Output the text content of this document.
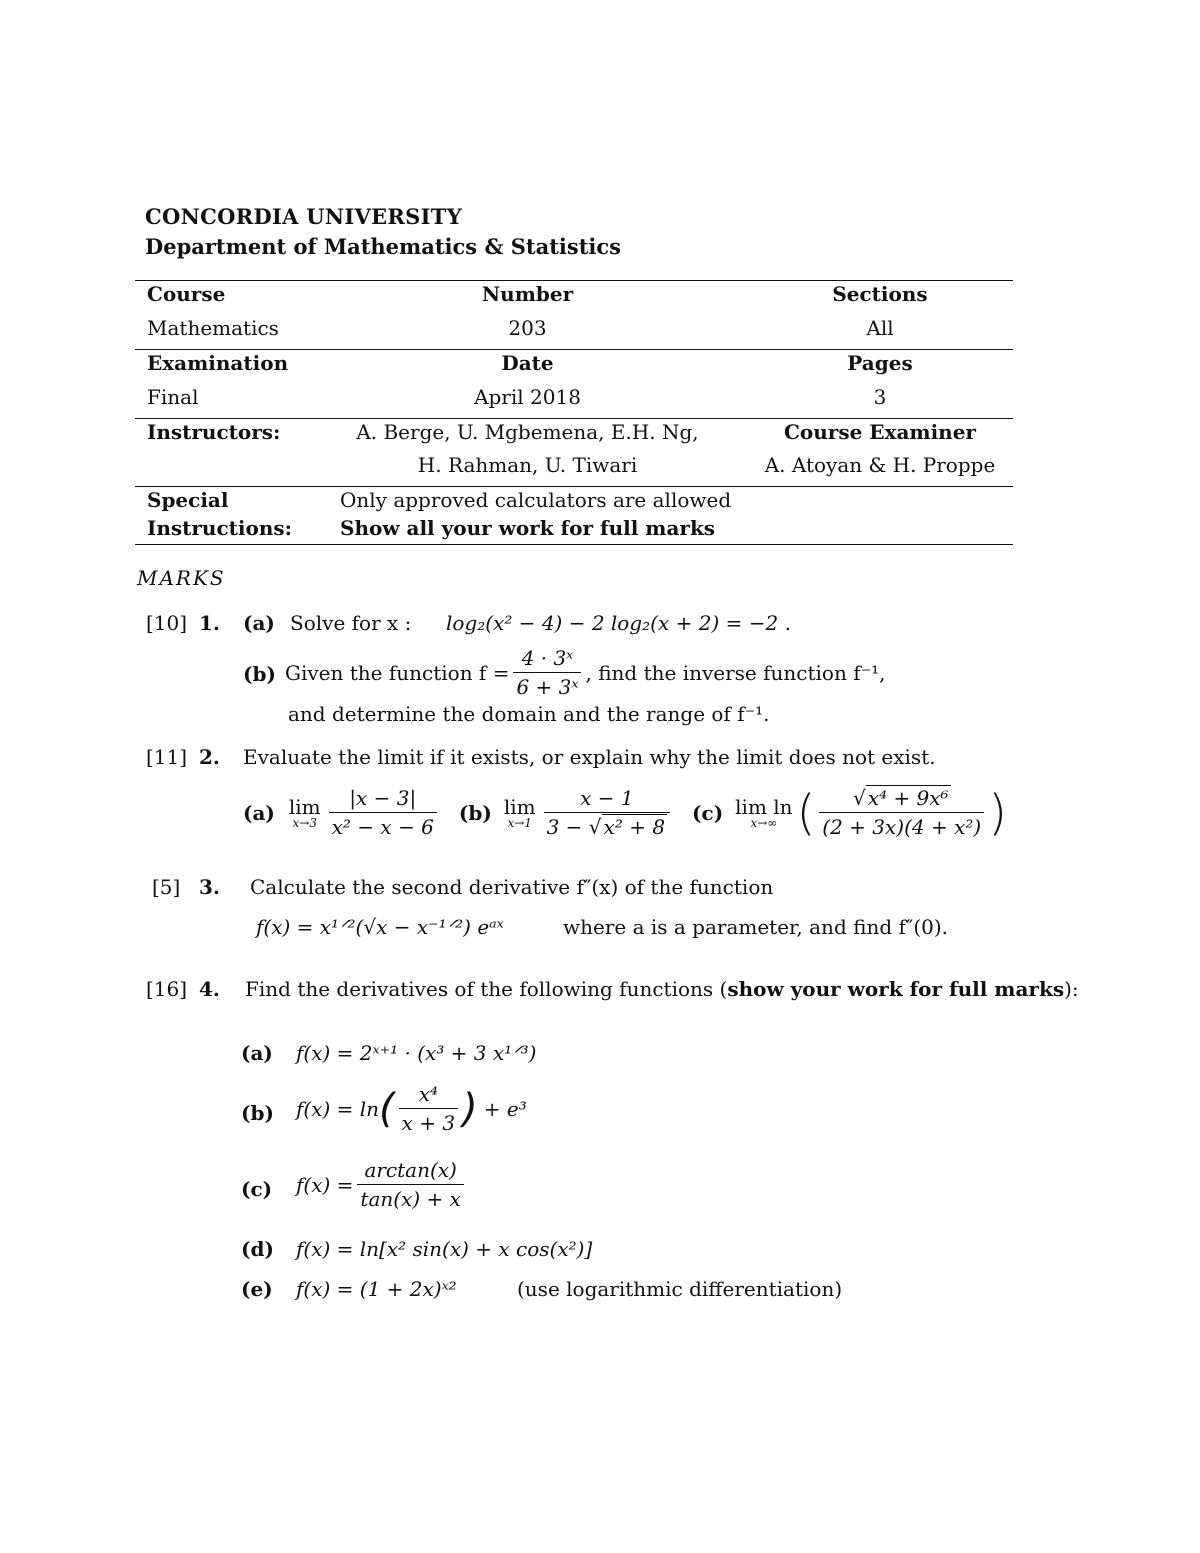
CONCORDIA UNIVERSITY
Department of Mathematics & Statistics
Course	Number	Sections
Mathematics	203	All
Examination	Date	Pages
Final	April 2018	3
Instructors:	A. Berge, U. Mgbemena, E.H. Ng,	Course Examiner
H. Rahman, U. Tiwari	A. Atoyan & H. Proppe
Special	Only approved calculators are allowed
Instructions: Show all your work for full marks
MARKS
[10] 1. (a) Solve for x : log₂(x² − 4) − 2 log₂(x + 2) = −2 .
(b) Given the function $f = \frac{\text{4 · 3ˣ}}{\text{6 + 3ˣ}}$ , find the inverse function f⁻¹,
and determine the domain and the range of f⁻¹.
[11] 2. Evaluate the limit if it exists, or explain why the limit does not exist.
(a) lim
$x\to 3 \frac{|x - 3|}{\text{x² − x − 6}} (b)$ lim
$x\to 1 \frac{x - 1}{\text{3 − √ x² + 8}} (c)$ lim ln
x→∞ ( $\frac{\text{√ x⁴ + 9x⁶}}{\text{(2 + 3x)(4 + x²)}}$ )
[5] 3. Calculate the second derivative f″(x) of the function
f(x) = x¹ᐟ²(√x − x⁻¹ᐟ²) eᵃˣ	where a is a parameter, and find f″(0).
[16] 4. Find the derivatives of the following functions (show your work for full marks):
(a) f(x) = 2ˣ⁺¹ · (x³ + 3 x¹ᐟ³)
(b) f(x) = ln ( $\frac{\text{x⁴}}{x + 3}$ ) + e³
(c) $f(x) = \frac{\arctan(x)}{\tan(x) + x}$
(d) f(x) = ln[x² sin(x) + x cos(x²)]
(e) f(x) = (1 + 2x)ˣ²	(use logarithmic differentiation)
